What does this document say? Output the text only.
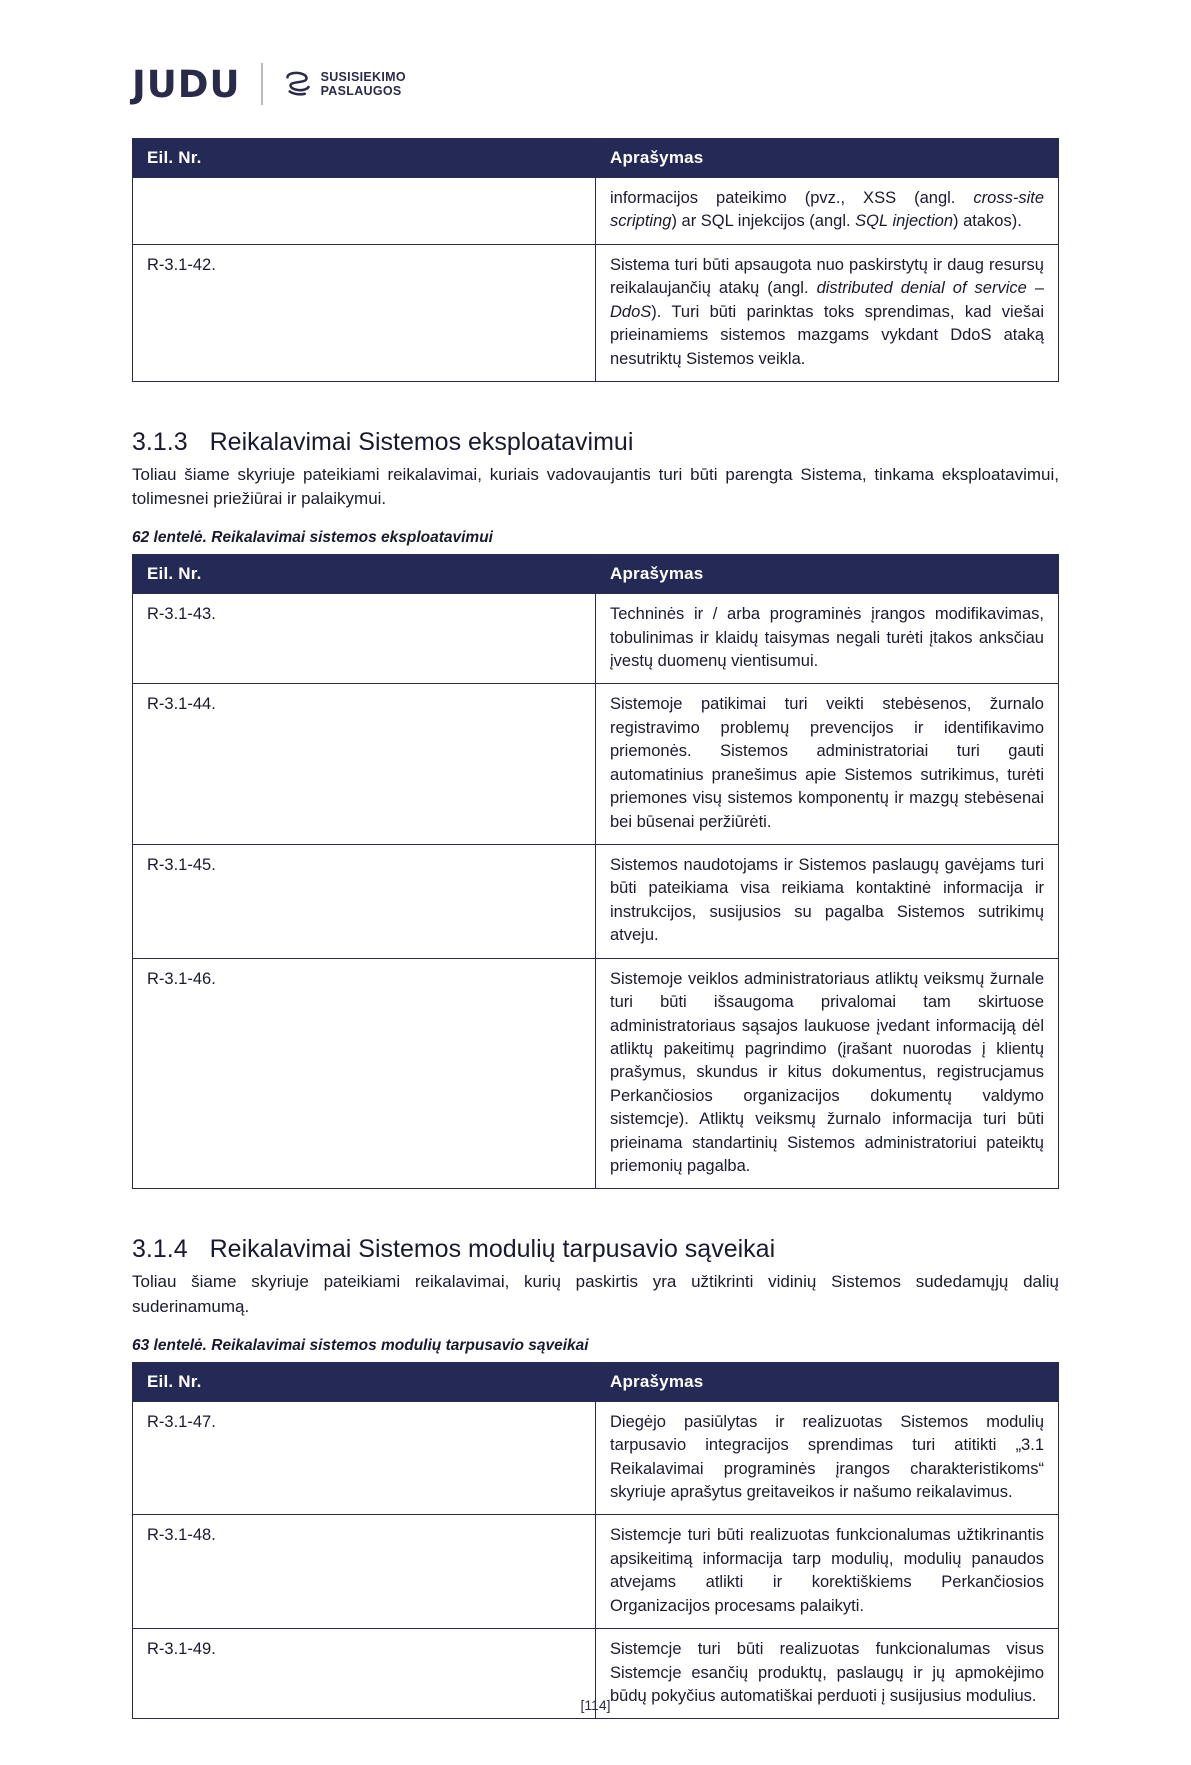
JUDU	SUSISIEKIMO
PASLAUGOS
Eil. Nr.	Aprašymas
	informacijos pateikimo (pvz., XSS (angl. cross-site scripting) ar SQL injekcijos (angl. SQL injection) atakos).
R-3.1-42.	Sistema turi būti apsaugota nuo paskirstytų ir daug resursų reikalaujančių atakų (angl. distributed denial of service – DdoS). Turi būti parinktas toks sprendimas, kad viešai prieinamiems sistemos mazgams vykdant DdoS ataką nesutriktų Sistemos veikla.
3.1.3 Reikalavimai Sistemos eksploatavimui

Toliau šiame skyriuje pateikiami reikalavimai, kuriais vadovaujantis turi būti parengta Sistema, tinkama eksploatavimui, tolimesnei priežiūrai ir palaikymui.

62 lentelė. Reikalavimai sistemos eksploatavimui

Eil. Nr.	Aprašymas
R-3.1-43.	Techninės ir / arba programinės įrangos modifikavimas, tobulinimas ir klaidų taisymas negali turėti įtakos anksčiau įvestų duomenų vientisumui.
R-3.1-44.	Sistemoje patikimai turi veikti stebėsenos, žurnalo registravimo problemų prevencijos ir identifikavimo priemonės. Sistemos administratoriai turi gauti automatinius pranešimus apie Sistemos sutrikimus, turėti priemones visų sistemos komponentų ir mazgų stebėsenai bei būsenai peržiūrėti.
R-3.1-45.	Sistemos naudotojams ir Sistemos paslaugų gavėjams turi būti pateikiama visa reikiama kontaktinė informacija ir instrukcijos, susijusios su pagalba Sistemos sutrikimų atveju.
R-3.1-46.	Sistemoje veiklos administratoriaus atliktų veiksmų žurnale turi būti išsaugoma privalomai tam skirtuose administratoriaus sąsajos laukuose įvedant informaciją dėl atliktų pakeitimų pagrindimo (įrašant nuorodas į klientų prašymus, skundus ir kitus dokumentus, registrucjamus Perkančiosios organizacijos dokumentų valdymo sistemcje). Atliktų veiksmų žurnalo informacija turi būti prieinama standartinių Sistemos administratoriui pateiktų priemonių pagalba.
3.1.4 Reikalavimai Sistemos modulių tarpusavio sąveikai

Toliau šiame skyriuje pateikiami reikalavimai, kurių paskirtis yra užtikrinti vidinių Sistemos sudedamųjų dalių suderinamumą.

63 lentelė. Reikalavimai sistemos modulių tarpusavio sąveikai

Eil. Nr.	Aprašymas
R-3.1-47.	Diegėjo pasiūlytas ir realizuotas Sistemos modulių tarpusavio integracijos sprendimas turi atitikti „3.1 Reikalavimai programinės įrangos charakteristikoms“ skyriuje aprašytus greitaveikos ir našumo reikalavimus.
R-3.1-48.	Sistemcje turi būti realizuotas funkcionalumas užtikrinantis apsikeitimą informacija tarp modulių, modulių panaudos atvejams atlikti ir korektiškiems Perkančiosios Organizacijos procesams palaikyti.
R-3.1-49.	Sistemcje turi būti realizuotas funkcionalumas visus Sistemcje esančių produktų, paslaugų ir jų apmokėjimo būdų pokyčius automatiškai perduoti į susijusius modulius.
[114]
